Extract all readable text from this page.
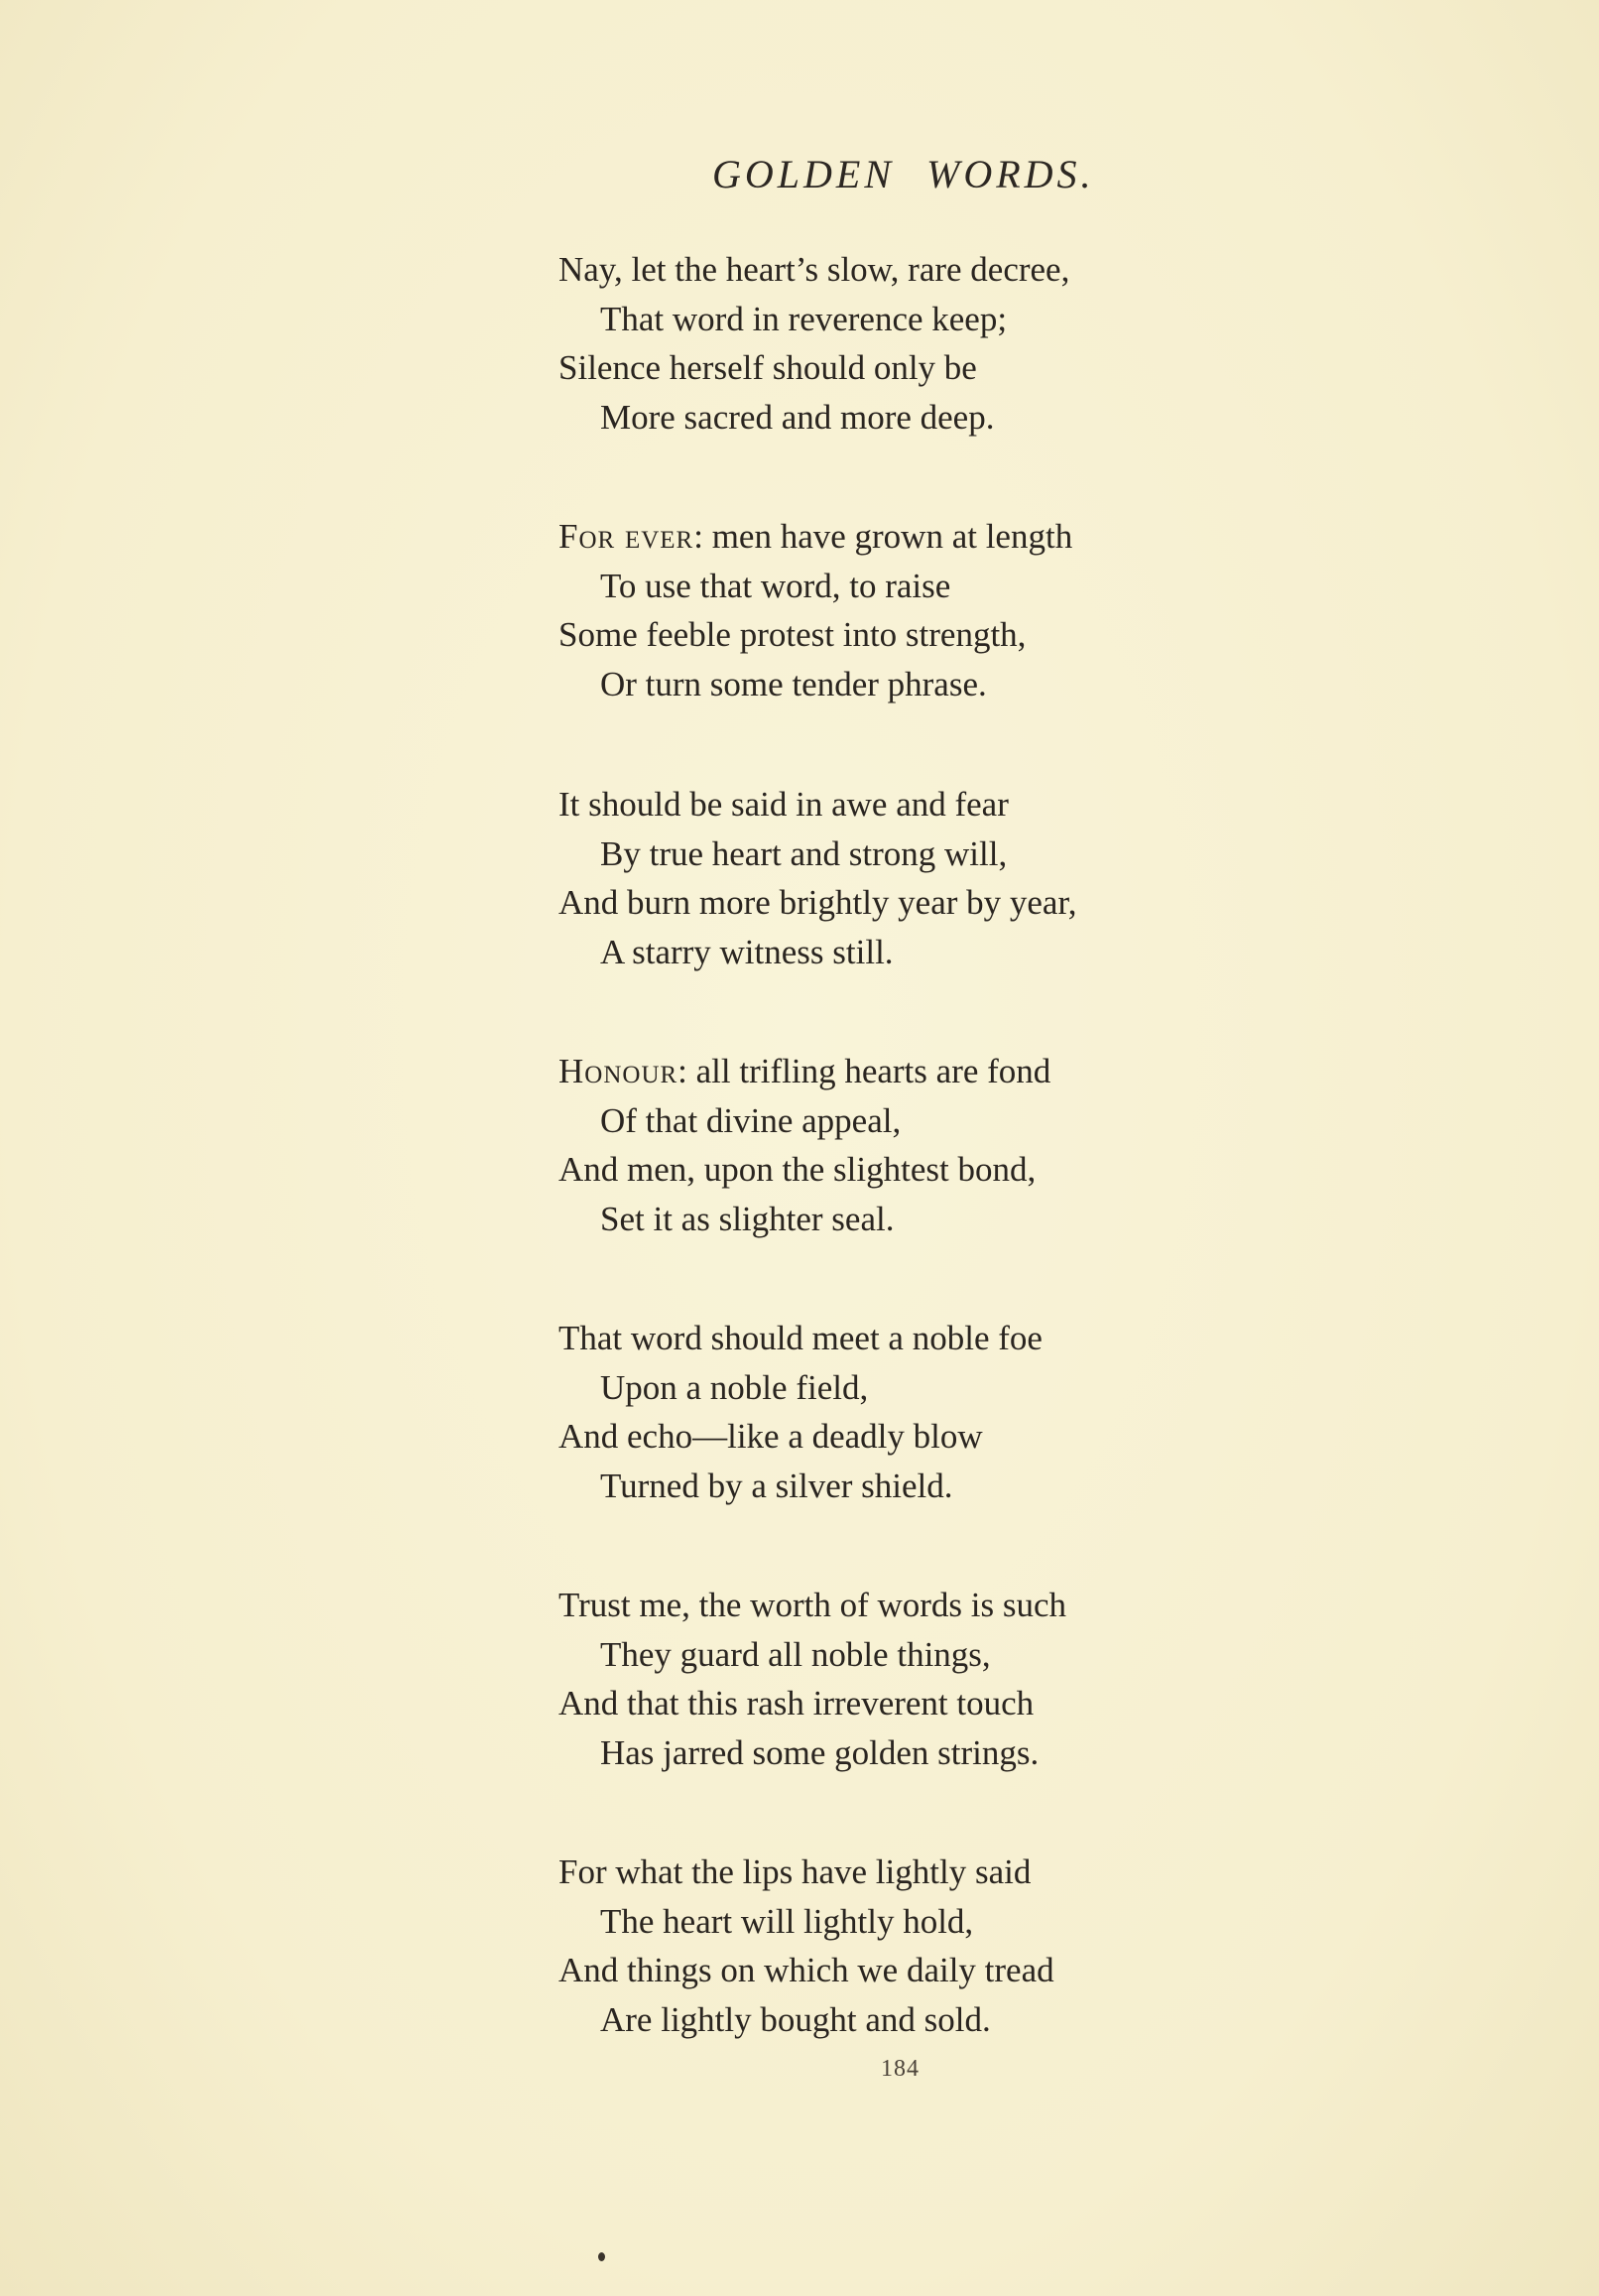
GOLDEN WORDS.
Nay, let the heart’s slow, rare decree,
That word in reverence keep;
Silence herself should only be
More sacred and more deep.
For ever: men have grown at length
To use that word, to raise
Some feeble protest into strength,
Or turn some tender phrase.
It should be said in awe and fear
By true heart and strong will,
And burn more brightly year by year,
A starry witness still.
Honour: all trifling hearts are fond
Of that divine appeal,
And men, upon the slightest bond,
Set it as slighter seal.
That word should meet a noble foe
Upon a noble field,
And echo—like a deadly blow
Turned by a silver shield.
Trust me, the worth of words is such
They guard all noble things,
And that this rash irreverent touch
Has jarred some golden strings.
For what the lips have lightly said
The heart will lightly hold,
And things on which we daily tread
Are lightly bought and sold.
184
